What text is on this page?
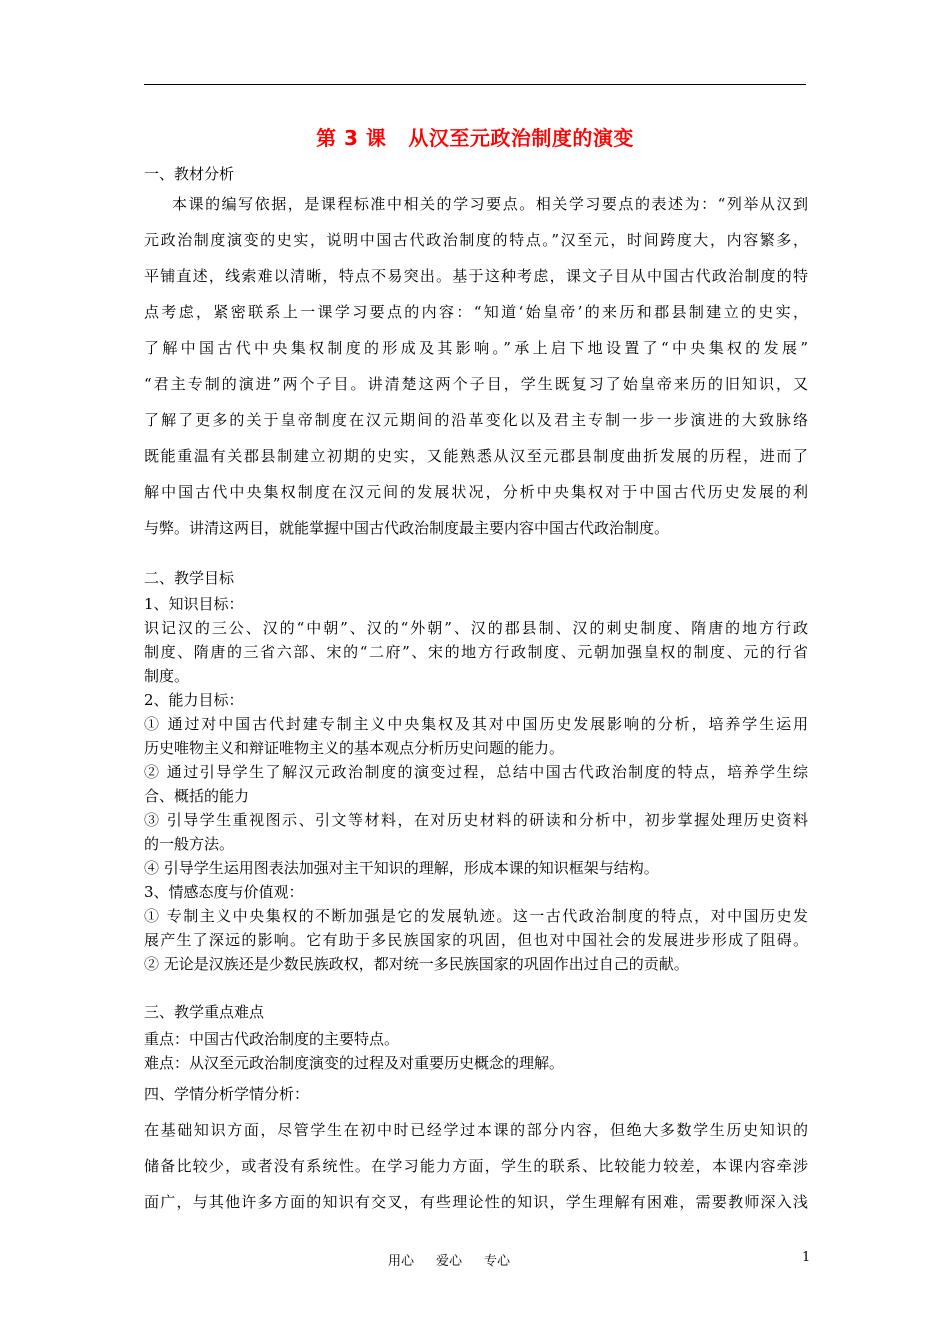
第 3 课 从汉至元政治制度的演变
一、教材分析
本课的编写依据，是课程标准中相关的学习要点。相关学习要点的表述为：“列举从汉到
元政治制度演变的史实，说明中国古代政治制度的特点。”汉至元，时间跨度大，内容繁多，
平铺直述，线索难以清晰，特点不易突出。基于这种考虑，课文子目从中国古代政治制度的特
点考虑，紧密联系上一课学习要点的内容：“知道‘始皇帝’的来历和郡县制建立的史实，
了解中国古代中央集权制度的形成及其影响。”承上启下地设置了“中央集权的发展”
“君主专制的演进”两个子目。讲清楚这两个子目，学生既复习了始皇帝来历的旧知识，又
了解了更多的关于皇帝制度在汉元期间的沿革变化以及君主专制一步一步演进的大致脉络
既能重温有关郡县制建立初期的史实，又能熟悉从汉至元郡县制度曲折发展的历程，进而了
解中国古代中央集权制度在汉元间的发展状况，分析中央集权对于中国古代历史发展的利
与弊。讲清这两目，就能掌握中国古代政治制度最主要内容中国古代政治制度。
二、教学目标
1、知识目标：
识记汉的三公、汉的“中朝”、汉的“外朝”、汉的郡县制、汉的刺史制度、隋唐的地方行政
制度、隋唐的三省六部、宋的“二府”、宋的地方行政制度、元朝加强皇权的制度、元的行省
制度。
2、能力目标：
① 通过对中国古代封建专制主义中央集权及其对中国历史发展影响的分析，培养学生运用
历史唯物主义和辩证唯物主义的基本观点分析历史问题的能力。
② 通过引导学生了解汉元政治制度的演变过程，总结中国古代政治制度的特点，培养学生综
合、概括的能力
③ 引导学生重视图示、引文等材料，在对历史材料的研读和分析中，初步掌握处理历史资料
的一般方法。
④ 引导学生运用图表法加强对主干知识的理解，形成本课的知识框架与结构。
3、情感态度与价值观：
① 专制主义中央集权的不断加强是它的发展轨迹。这一古代政治制度的特点，对中国历史发
展产生了深远的影响。它有助于多民族国家的巩固，但也对中国社会的发展进步形成了阻碍。
② 无论是汉族还是少数民族政权，都对统一多民族国家的巩固作出过自己的贡献。
三、教学重点难点
重点：中国古代政治制度的主要特点。
难点：从汉至元政治制度演变的过程及对重要历史概念的理解。
四、学情分析学情分析：
在基础知识方面，尽管学生在初中时已经学过本课的部分内容，但绝大多数学生历史知识的
储备比较少，或者没有系统性。在学习能力方面，学生的联系、比较能力较差，本课内容牵涉
面广，与其他许多方面的知识有交叉，有些理论性的知识，学生理解有困难，需要教师深入浅
用心 爱心 专心	1
